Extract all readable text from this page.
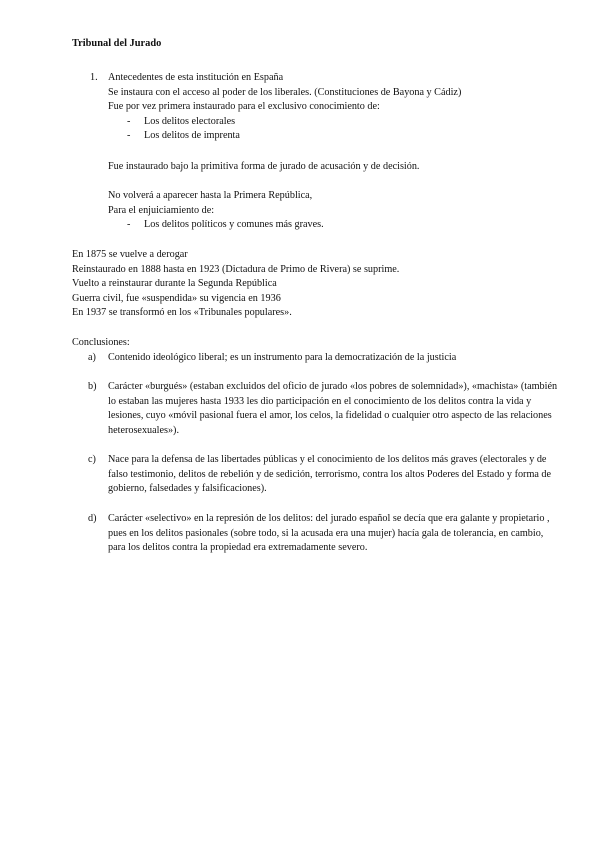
Tribunal del Jurado
1. Antecedentes de esta institución en España
Se instaura con el acceso al poder de los liberales. (Constituciones de Bayona y Cádiz)
Fue por vez primera instaurado para el exclusivo conocimiento de:
- Los delitos electorales
- Los delitos de imprenta
Fue instaurado bajo la primitiva forma de jurado de acusación y de decisión.
No volverá a aparecer hasta la Primera República,
Para el enjuiciamiento de:
- Los delitos políticos y comunes más graves.
En 1875 se vuelve a derogar
Reinstaurado en 1888 hasta en 1923 (Dictadura de Primo de Rivera) se suprime.
Vuelto a reinstaurar durante la Segunda República
Guerra civil, fue «suspendida» su vigencia en 1936
En 1937 se transformó en los «Tribunales populares».
Conclusiones:
a) Contenido ideológico liberal; es un instrumento para la democratización de la justicia
b) Carácter «burgués» (estaban excluidos del oficio de jurado «los pobres de solemnidad»), «machista» (también lo estaban las mujeres hasta 1933 les dio participación en el conocimiento de los delitos contra la vida y lesiones, cuyo «móvil pasional fuera el amor, los celos, la fidelidad o cualquier otro aspecto de las relaciones heterosexuales»).
c) Nace para la defensa de las libertades públicas y el conocimiento de los delitos más graves (electorales y de falso testimonio, delitos de rebelión y de sedición, terrorismo, contra los altos Poderes del Estado y forma de gobierno, falsedades y falsificaciones).
d) Carácter «selectivo» en la represión de los delitos: del jurado español se decía que era galante y propietario , pues en los delitos pasionales (sobre todo, si la acusada era una mujer) hacía gala de tolerancia, en cambio, para los delitos contra la propiedad era extremadamente severo.
